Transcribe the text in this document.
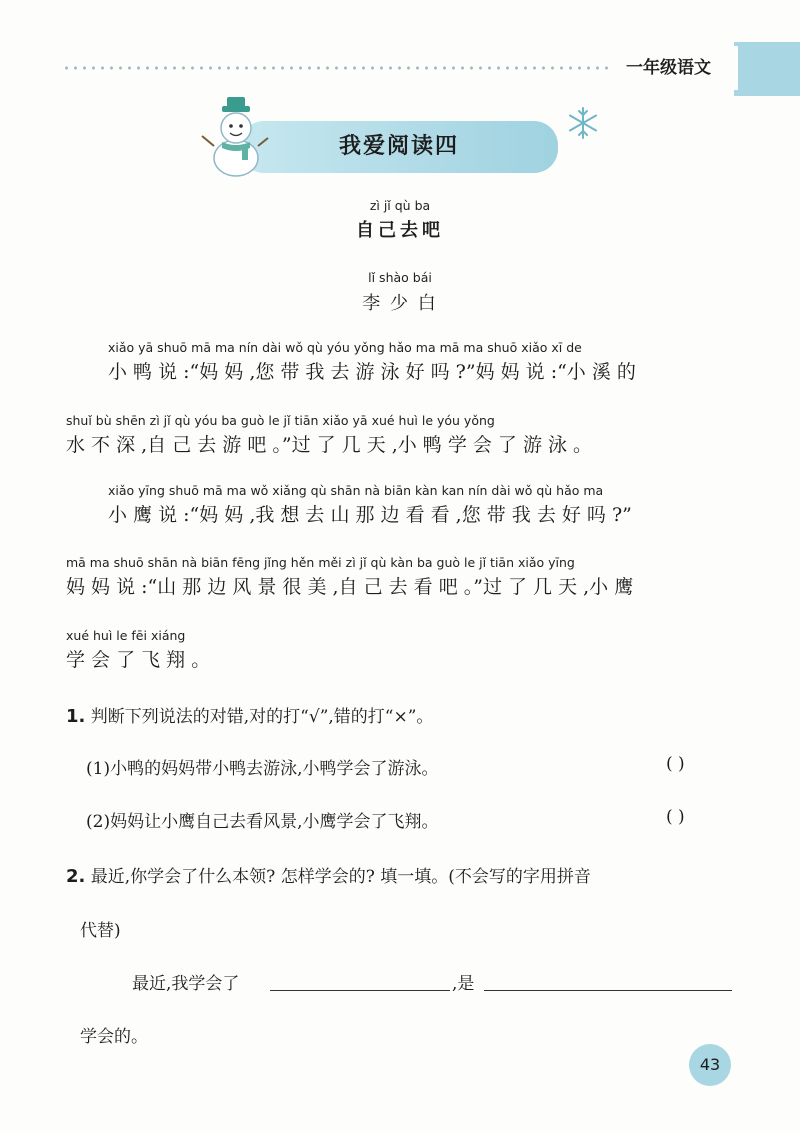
一年级语文
我爱阅读四
zì jǐ qù ba
自己去吧
lǐ shào bái
李 少 白
xiǎo yā shuō mā ma nín dài wǒ qù yóu yǒng hǎo ma mā ma shuō xiǎo xī de
小 鸭 说 :“妈 妈 ,您 带 我 去 游 泳 好 吗 ?”妈 妈 说 :“小 溪 的
shuǐ bù shēn zì jǐ qù yóu ba guò le jǐ tiān xiǎo yā xué huì le yóu yǒng
水 不 深 ,自 己 去 游 吧 。”过 了 几 天 ,小 鸭 学 会 了 游 泳 。
xiǎo yīng shuō mā ma wǒ xiǎng qù shān nà biān kàn kan nín dài wǒ qù hǎo ma
小 鹰 说 :“妈 妈 ,我 想 去 山 那 边 看 看 ,您 带 我 去 好 吗 ?”
mā ma shuō shān nà biān fēng jǐng hěn měi zì jǐ qù kàn ba guò le jǐ tiān xiǎo yīng
妈 妈 说 :“山 那 边 风 景 很 美 ,自 己 去 看 吧 。”过 了 几 天 ,小 鹰
xué huì le fēi xiáng
学 会 了 飞 翔 。
1. 判断下列说法的对错,对的打“√”,错的打“×”。
(1)小鸭的妈妈带小鸭去游泳,小鸭学会了游泳。	( )
(2)妈妈让小鹰自己去看风景,小鹰学会了飞翔。	( )
2. 最近,你学会了什么本领? 怎样学会的? 填一填。(不会写的字用拼音
代替)
最近,我学会了	,是
学会的。
43
